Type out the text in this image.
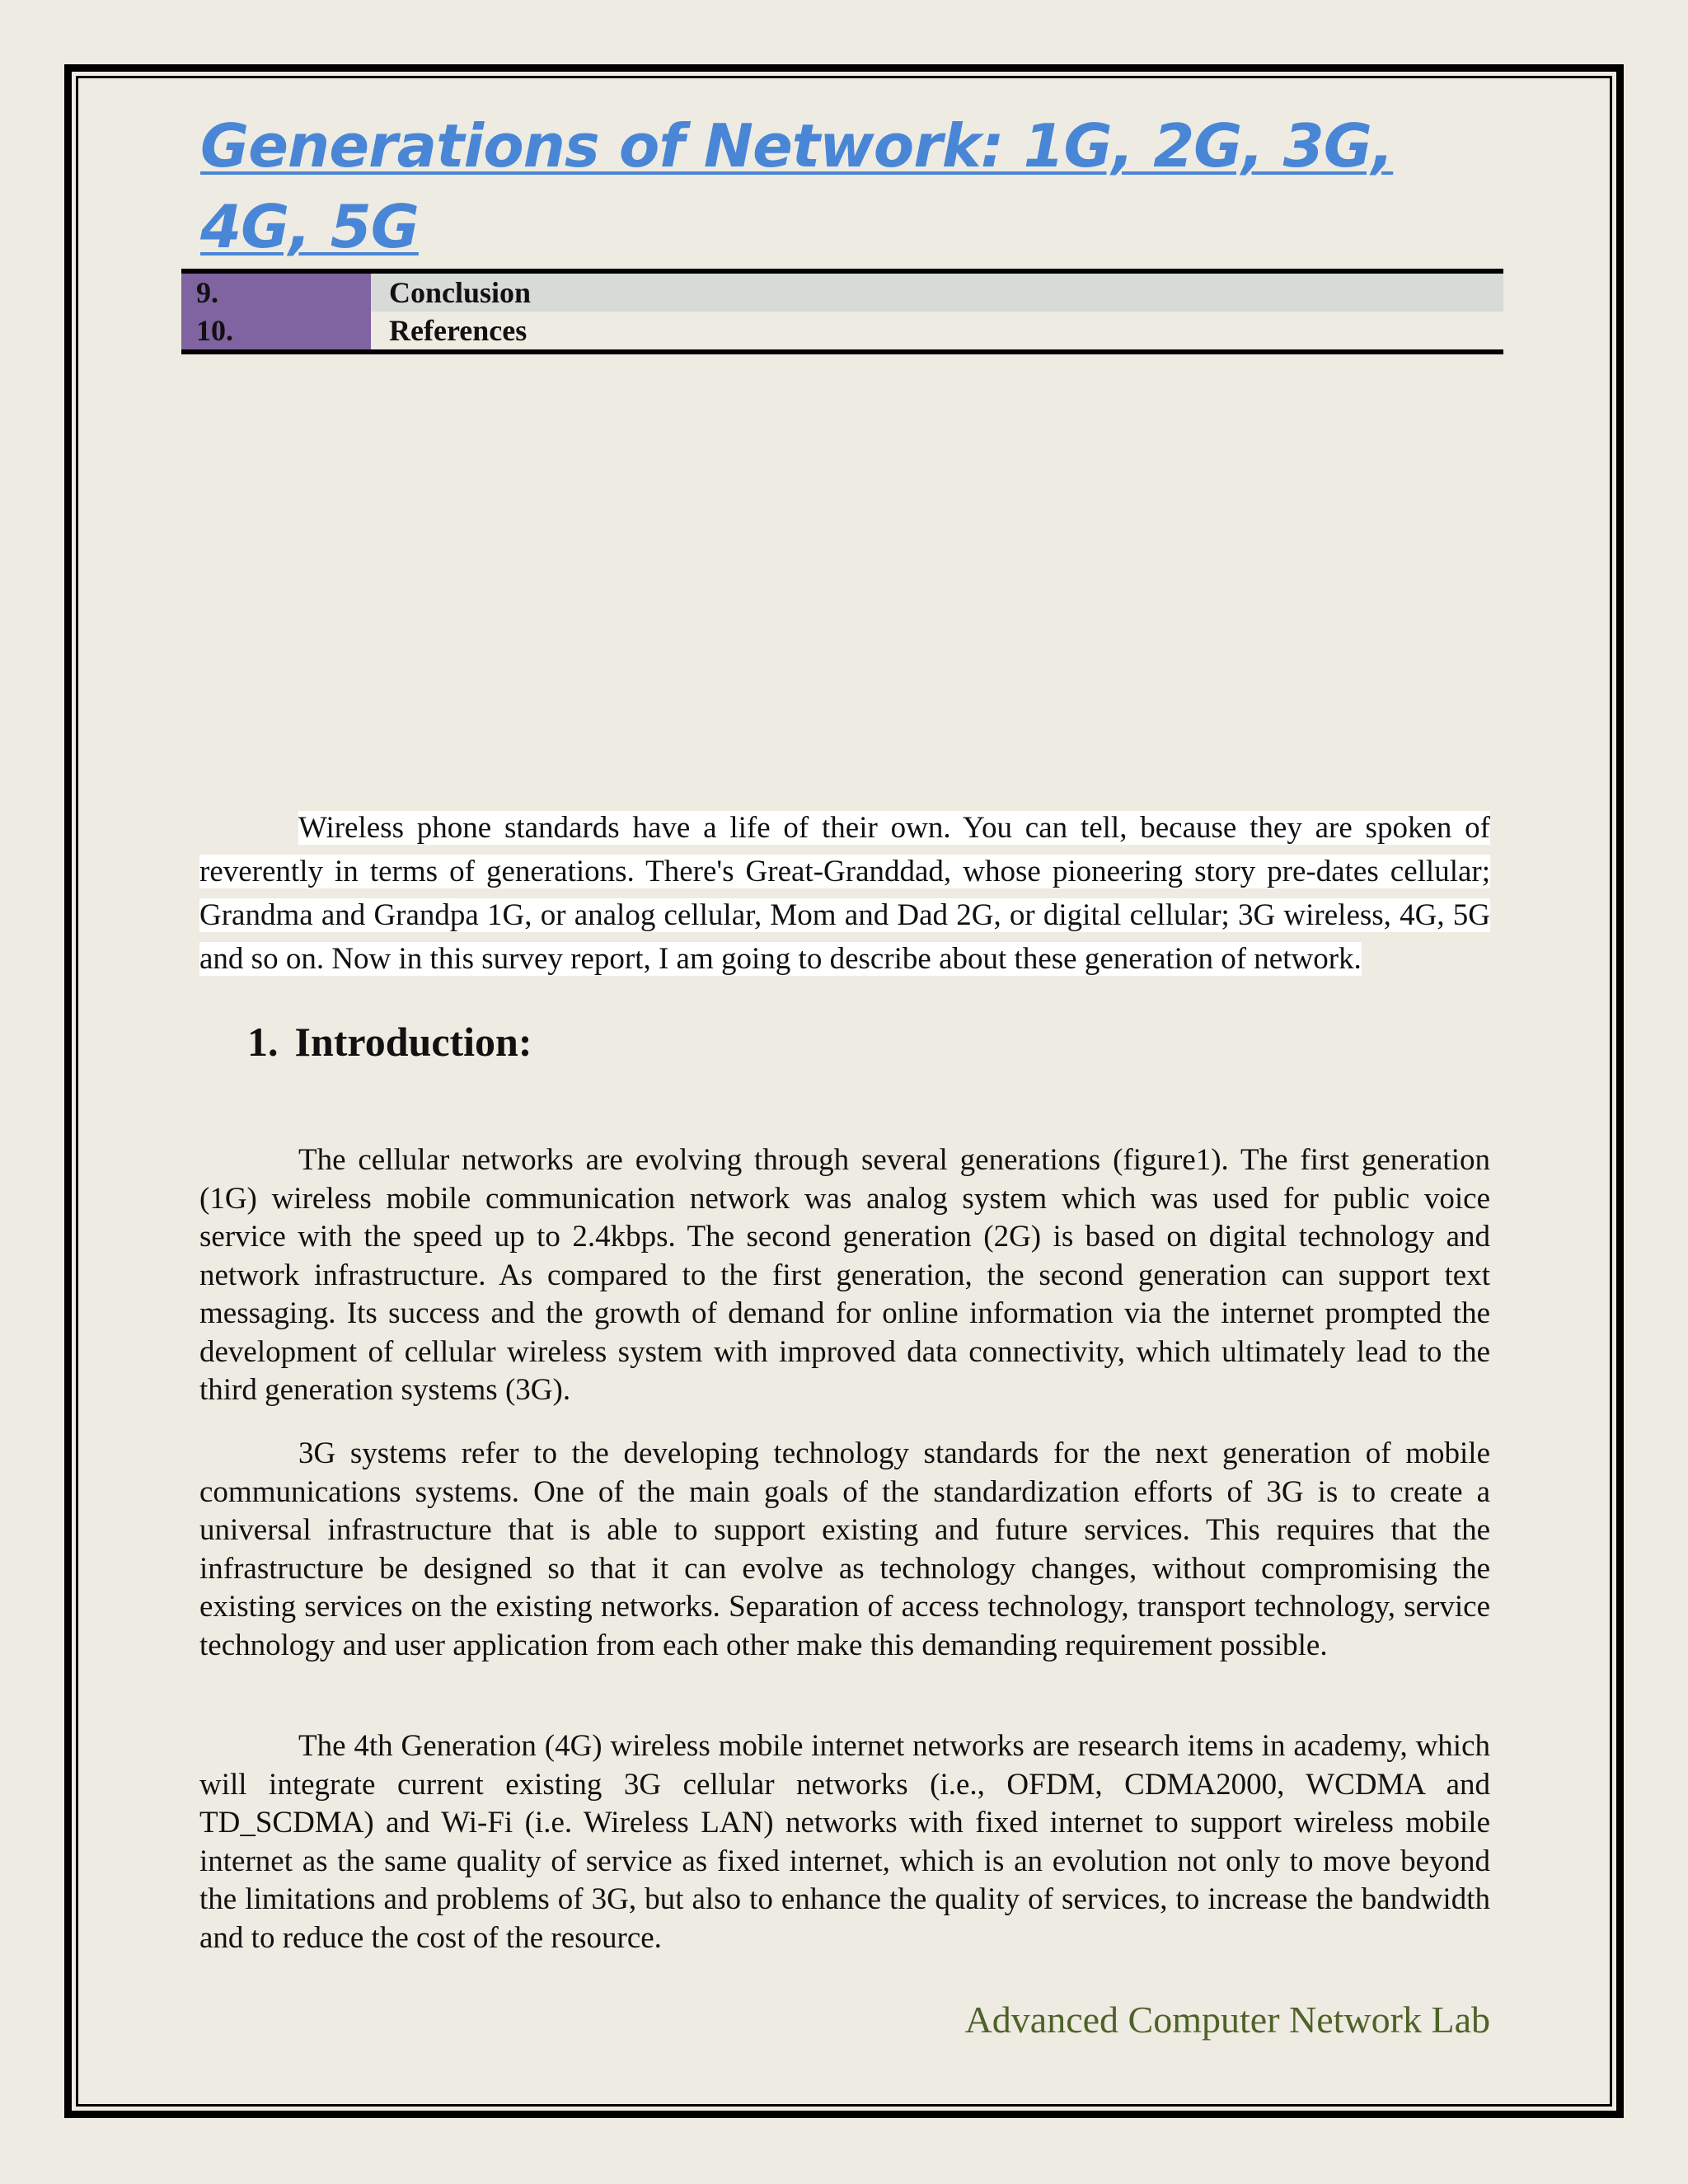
Generations of Network: 1G, 2G, 3G, 4G, 5G
9.	Conclusion
10.	References

Wireless phone standards have a life of their own. You can tell, because they are spoken of reverently in terms of generations. There's Great-Granddad, whose pioneering story pre-dates cellular; Grandma and Grandpa 1G, or analog cellular, Mom and Dad 2G, or digital cellular; 3G wireless, 4G, 5G and so on. Now in this survey report, I am going to describe about these generation of network.

1. Introduction:

The cellular networks are evolving through several generations (figure1). The first generation (1G) wireless mobile communication network was analog system which was used for public voice service with the speed up to 2.4kbps. The second generation (2G) is based on digital technology and network infrastructure. As compared to the first generation, the second generation can support text messaging. Its success and the growth of demand for online information via the internet prompted the development of cellular wireless system with improved data connectivity, which ultimately lead to the third generation systems (3G).

3G systems refer to the developing technology standards for the next generation of mobile communications systems. One of the main goals of the standardization efforts of 3G is to create a universal infrastructure that is able to support existing and future services. This requires that the infrastructure be designed so that it can evolve as technology changes, without compromising the existing services on the existing networks. Separation of access technology, transport technology, service technology and user application from each other make this demanding requirement possible.

The 4th Generation (4G) wireless mobile internet networks are research items in academy, which will integrate current existing 3G cellular networks (i.e., OFDM, CDMA2000, WCDMA and TD_SCDMA) and Wi-Fi (i.e. Wireless LAN) networks with fixed internet to support wireless mobile internet as the same quality of service as fixed internet, which is an evolution not only to move beyond the limitations and problems of 3G, but also to enhance the quality of services, to increase the bandwidth and to reduce the cost of the resource.

Advanced Computer Network Lab
